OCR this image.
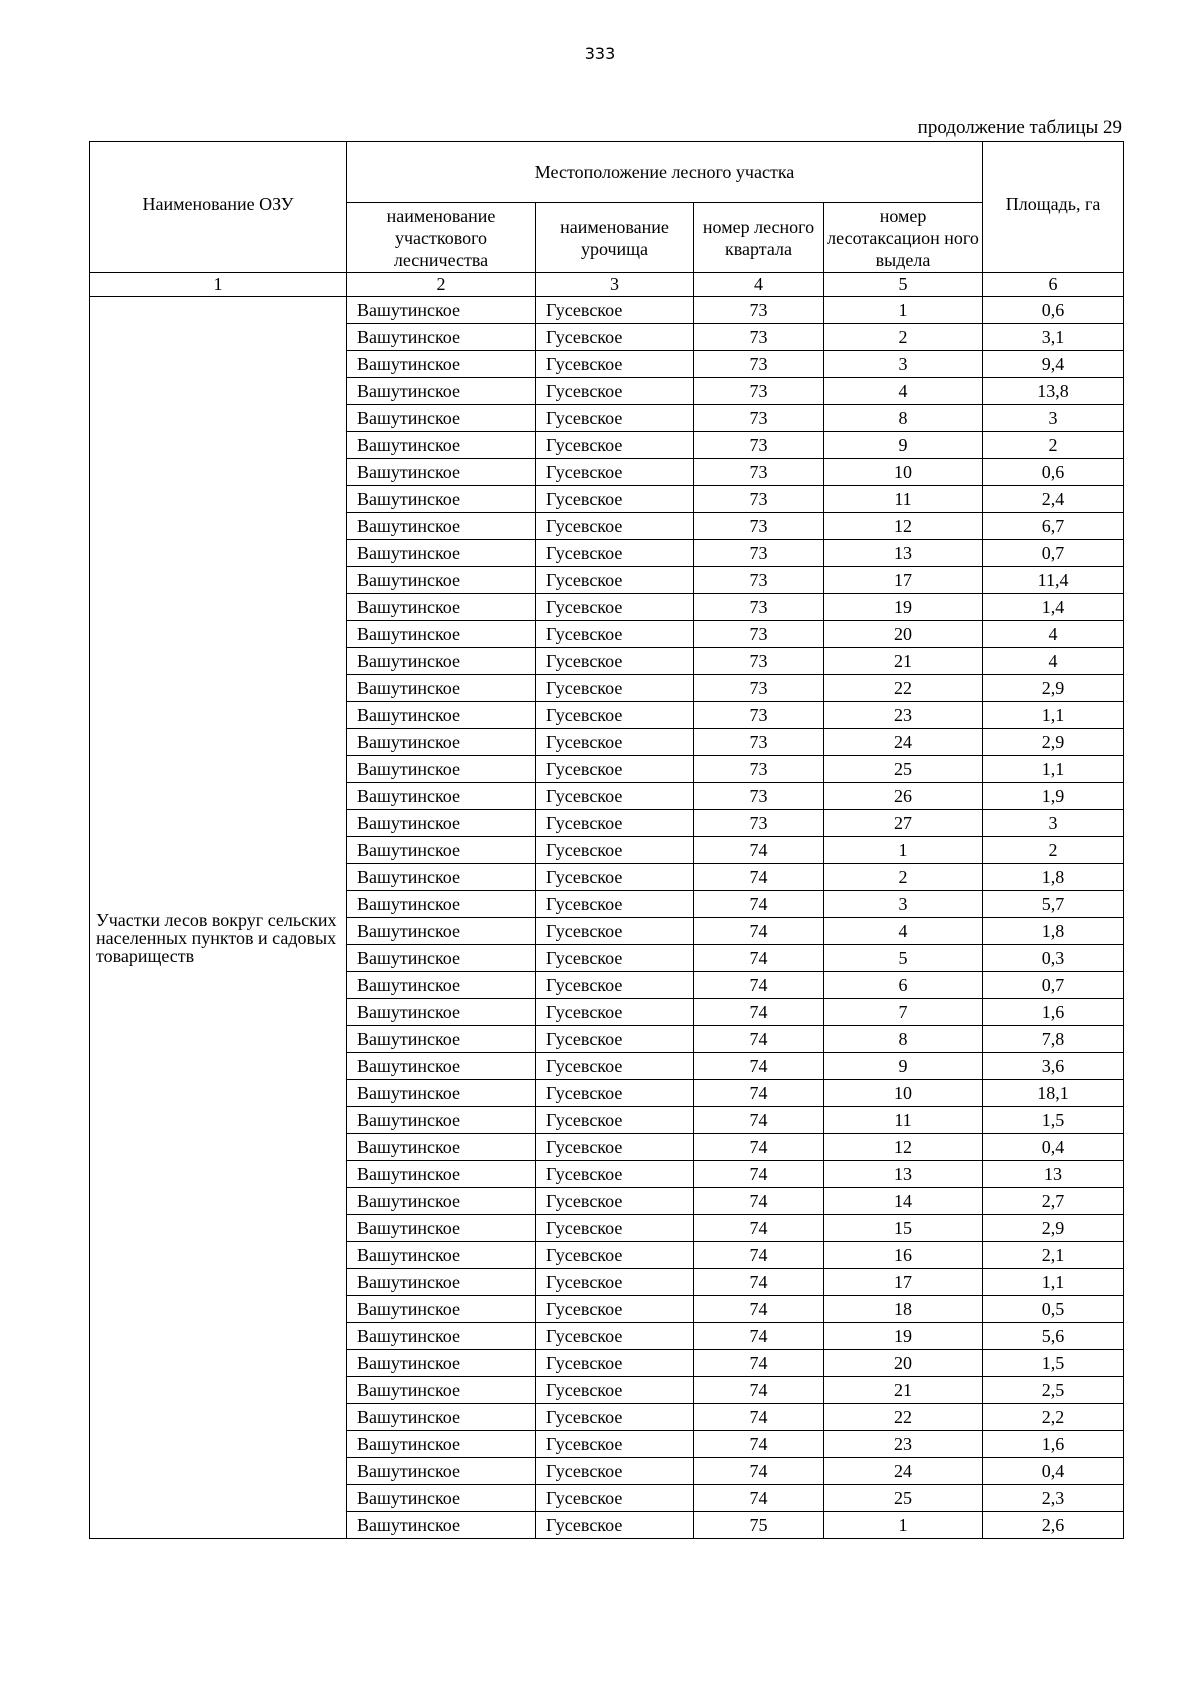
333
продолжение таблицы 29
Наименование ОЗУ	Местоположение лесного участка				Площадь, га
	наименование участкового лесничества	наименование урочища	номер лесного квартала	номер лесотаксацион ного выдела	
1	2	3	4	5	6
Участки лесов вокруг сельских населенных пунктов и садовых товариществ	Вашутинское	Гусевское	73	1	0,6
	Вашутинское	Гусевское	73	2	3,1
	Вашутинское	Гусевское	73	3	9,4
	Вашутинское	Гусевское	73	4	13,8
	Вашутинское	Гусевское	73	8	3
	Вашутинское	Гусевское	73	9	2
	Вашутинское	Гусевское	73	10	0,6
	Вашутинское	Гусевское	73	11	2,4
	Вашутинское	Гусевское	73	12	6,7
	Вашутинское	Гусевское	73	13	0,7
	Вашутинское	Гусевское	73	17	11,4
	Вашутинское	Гусевское	73	19	1,4
	Вашутинское	Гусевское	73	20	4
	Вашутинское	Гусевское	73	21	4
	Вашутинское	Гусевское	73	22	2,9
	Вашутинское	Гусевское	73	23	1,1
	Вашутинское	Гусевское	73	24	2,9
	Вашутинское	Гусевское	73	25	1,1
	Вашутинское	Гусевское	73	26	1,9
	Вашутинское	Гусевское	73	27	3
	Вашутинское	Гусевское	74	1	2
	Вашутинское	Гусевское	74	2	1,8
	Вашутинское	Гусевское	74	3	5,7
	Вашутинское	Гусевское	74	4	1,8
	Вашутинское	Гусевское	74	5	0,3
	Вашутинское	Гусевское	74	6	0,7
	Вашутинское	Гусевское	74	7	1,6
	Вашутинское	Гусевское	74	8	7,8
	Вашутинское	Гусевское	74	9	3,6
	Вашутинское	Гусевское	74	10	18,1
	Вашутинское	Гусевское	74	11	1,5
	Вашутинское	Гусевское	74	12	0,4
	Вашутинское	Гусевское	74	13	13
	Вашутинское	Гусевское	74	14	2,7
	Вашутинское	Гусевское	74	15	2,9
	Вашутинское	Гусевское	74	16	2,1
	Вашутинское	Гусевское	74	17	1,1
	Вашутинское	Гусевское	74	18	0,5
	Вашутинское	Гусевское	74	19	5,6
	Вашутинское	Гусевское	74	20	1,5
	Вашутинское	Гусевское	74	21	2,5
	Вашутинское	Гусевское	74	22	2,2
	Вашутинское	Гусевское	74	23	1,6
	Вашутинское	Гусевское	74	24	0,4
	Вашутинское	Гусевское	74	25	2,3
	Вашутинское	Гусевское	75	1	2,6
